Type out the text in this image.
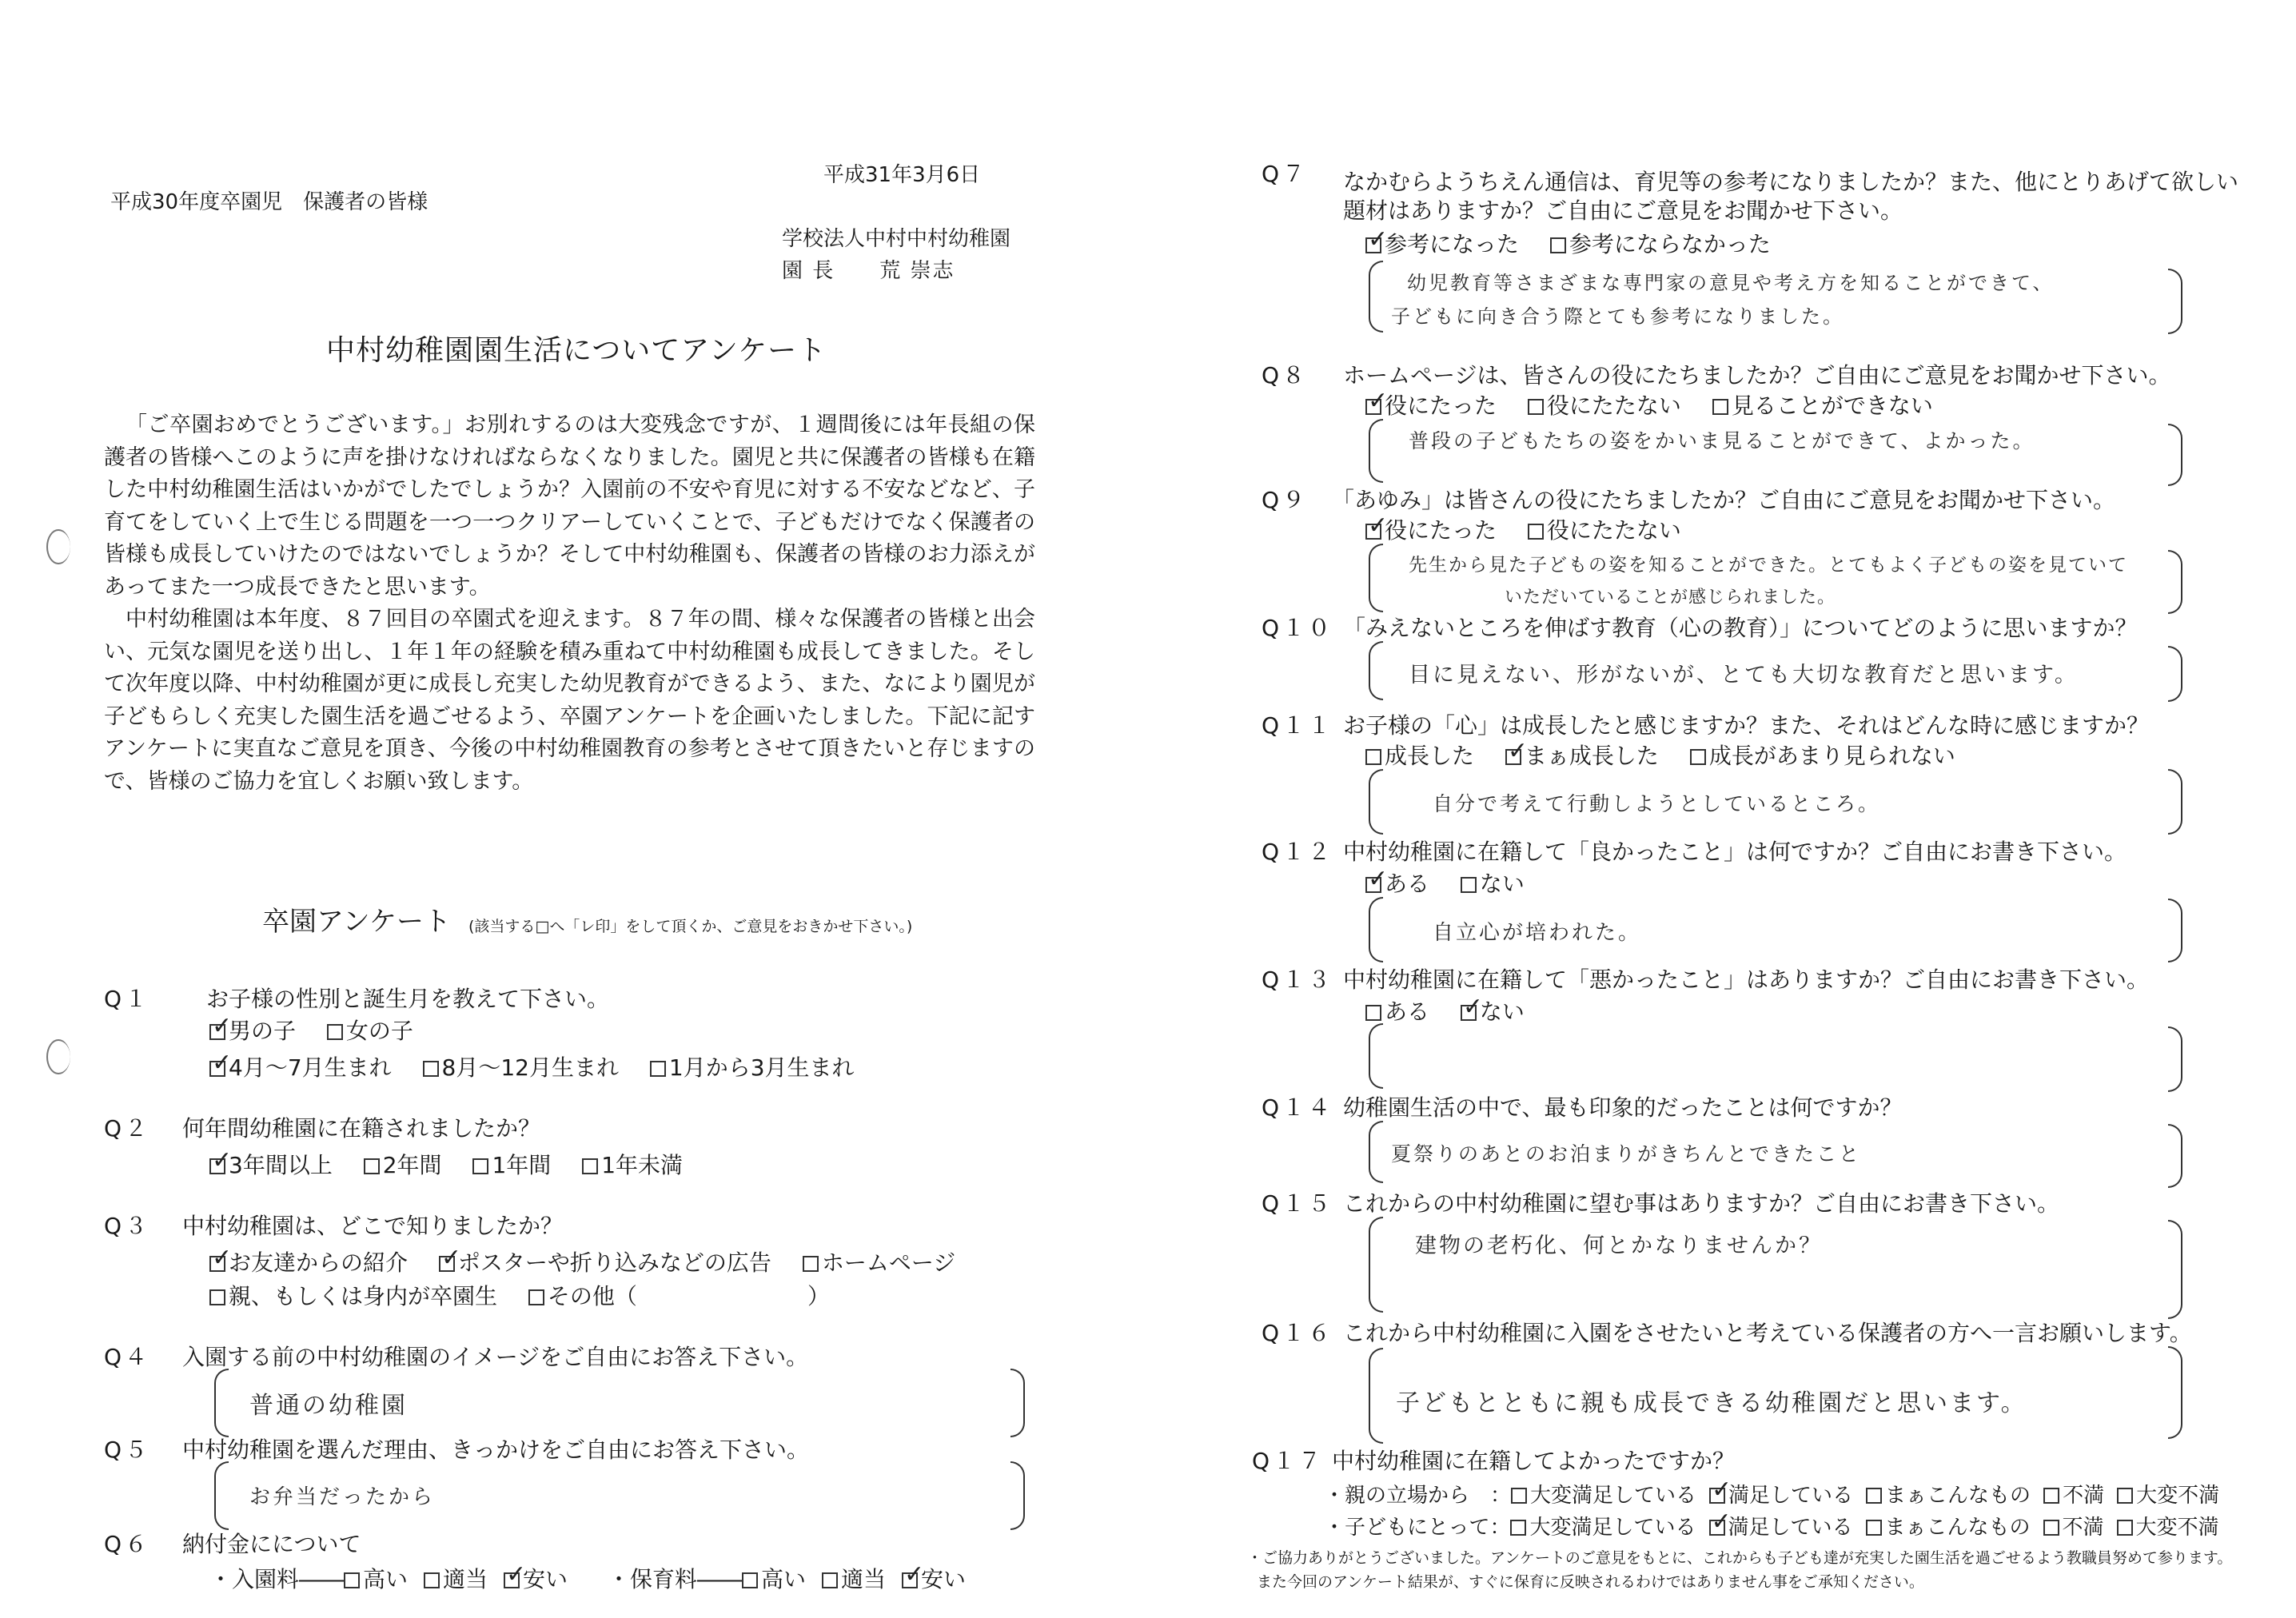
平成31年3月6日
平成30年度卒園児　保護者の皆様
学校法人中村中村幼稚園
園 長　　荒 崇志
中村幼稚園園生活についてアンケート

「ご卒園おめでとうございます。」お別れするのは大変残念ですが、１週間後には年長組の保護者の皆様へこのように声を掛けなければならなくなりました。園児と共に保護者の皆様も在籍した中村幼稚園生活はいかがでしたでしょうか？入園前の不安や育児に対する不安などなど、子育てをしていく上で生じる問題を一つ一つクリアーしていくことで、子どもだけでなく保護者の皆様も成長していけたのではないでしょうか？そして中村幼稚園も、保護者の皆様のお力添えがあってまた一つ成長できたと思います。

中村幼稚園は本年度、８７回目の卒園式を迎えます。８７年の間、様々な保護者の皆様と出会い、元気な園児を送り出し、１年１年の経験を積み重ねて中村幼稚園も成長してきました。そして次年度以降、中村幼稚園が更に成長し充実した幼児教育ができるよう、また、なにより園児が子どもらしく充実した園生活を過ごせるよう、卒園アンケートを企画いたしました。下記に記すアンケートに実直なご意見を頂き、今後の中村幼稚園教育の参考とさせて頂きたいと存じますので、皆様のご協力を宜しくお願い致します。

卒園アンケート (該当する□へ「レ印」をして頂くか、ご意見をおきかせ下さい。)
Q１ お子様の性別と誕生月を教えて下さい。
✓男の子 女の子
✓4月～7月生まれ 8月～12月生まれ 1月から3月生まれ
Q２ 何年間幼稚園に在籍されましたか？
✓3年間以上 2年間 1年間 1年未満
Q３ 中村幼稚園は、どこで知りましたか？
✓お友達からの紹介 ✓ ポスターや折り込みなどの広告 ホームページ
親、もしくは身内が卒園生 その他（	）
Q４ 入園する前の中村幼稚園のイメージをご自由にお答え下さい。
普通の幼稚園
Q５ 中村幼稚園を選んだ理由、きっかけをご自由にお答え下さい。
お弁当だったから
Q６ 納付金にについて
・入園料―― 高い 適当 ✓ 安い	・保育料―― 高い 適当 ✓ 安い
Q７ なかむらようちえん通信は、育児等の参考になりましたか？また、他にとりあげて欲しい
題材はありますか？ご自由にご意見をお聞かせ下さい。
✓参考になった 参考にならなかった
幼児教育等さまざまな専門家の意見や考え方を知ることができて、
子どもに向き合う際とても参考になりました。
Q８ ホームページは、皆さんの役にたちましたか？ご自由にご意見をお聞かせ下さい。
✓役にたった 役にたたない 見ることができない
普段の子どもたちの姿をかいま見ることができて、よかった。
Q９ 「あゆみ」は皆さんの役にたちましたか？ご自由にご意見をお聞かせ下さい。
✓役にたった 役にたたない
先生から見た子どもの姿を知ることができた。とてもよく子どもの姿を見ていて
いただいていることが感じられました。
Q１０ 「みえないところを伸ばす教育（心の教育）」についてどのように思いますか？
目に見えない、形がないが、とても大切な教育だと思います。
Q１１ お子様の「心」は成長したと感じますか？また、それはどんな時に感じますか？
成長した ✓ まぁ成長した 成長があまり見られない
自分で考えて行動しようとしているところ。
Q１２ 中村幼稚園に在籍して「良かったこと」は何ですか？ご自由にお書き下さい。
✓ある ない
自立心が培われた。
Q１３ 中村幼稚園に在籍して「悪かったこと」はありますか？ご自由にお書き下さい。
ある ✓ ない
Q１４ 幼稚園生活の中で、最も印象的だったことは何ですか？
夏祭りのあとのお泊まりがきちんとできたこと
Q１５ これからの中村幼稚園に望む事はありますか？ご自由にお書き下さい。
建物の老朽化、何とかなりませんか？
Q１６ これから中村幼稚園に入園をさせたいと考えている保護者の方へ一言お願いします。
子どもとともに親も成長できる幼稚園だと思います。
Q１７ 中村幼稚園に在籍してよかったですか？
・親の立場から　： 大変満足している ✓ 満足している まぁこんなもの 不満 大変不満
・子どもにとって： 大変満足している ✓ 満足している まぁこんなもの 不満 大変不満
・ご協力ありがとうございました。アンケートのご意見をもとに、これからも子ども達が充実した園生活を過ごせるよう教職員努めて参ります。
また今回のアンケート結果が、すぐに保育に反映されるわけではありません事をご承知ください。
